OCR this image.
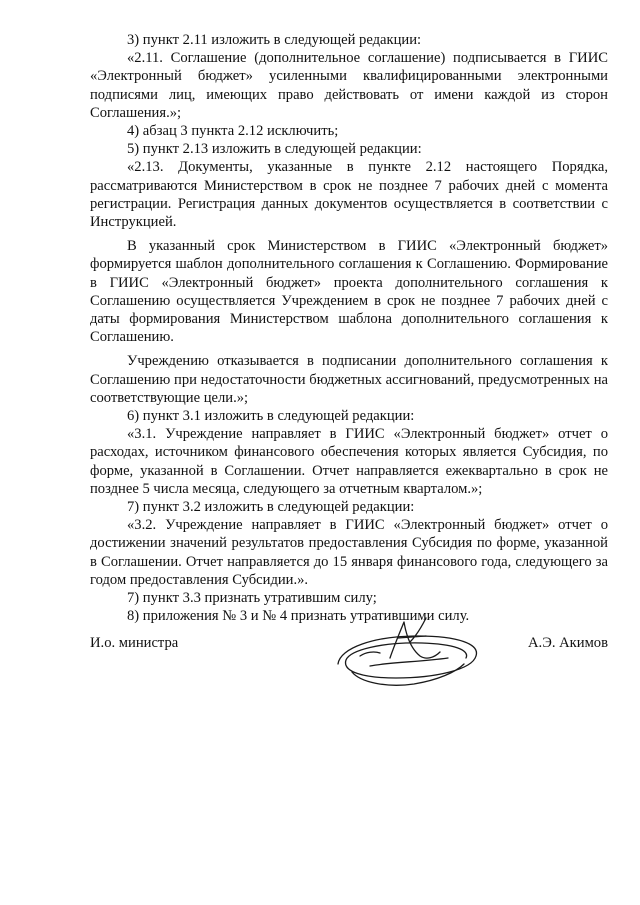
3) пункт 2.11 изложить в следующей редакции:

«2.11. Соглашение (дополнительное соглашение) подписывается в ГИИС «Электронный бюджет» усиленными квалифицированными электронными подписями лиц, имеющих право действовать от имени каждой из сторон Соглашения.»;

4) абзац 3 пункта 2.12 исключить;

5) пункт 2.13 изложить в следующей редакции:

«2.13. Документы, указанные в пункте 2.12 настоящего Порядка, рассматриваются Министерством в срок не позднее 7 рабочих дней с момента регистрации. Регистрация данных документов осуществляется в соответствии с Инструкцией.

В указанный срок Министерством в ГИИС «Электронный бюджет» формируется шаблон дополнительного соглашения к Соглашению. Формирование в ГИИС «Электронный бюджет» проекта дополнительного соглашения к Соглашению осуществляется Учреждением в срок не позднее 7 рабочих дней с даты формирования Министерством шаблона дополнительного соглашения к Соглашению.

Учреждению отказывается в подписании дополнительного соглашения к Соглашению при недостаточности бюджетных ассигнований, предусмотренных на соответствующие цели.»;

6) пункт 3.1 изложить в следующей редакции:

«3.1. Учреждение направляет в ГИИС «Электронный бюджет» отчет о расходах, источником финансового обеспечения которых является Субсидия, по форме, указанной в Соглашении. Отчет направляется ежеквартально в срок не позднее 5 числа месяца, следующего за отчетным кварталом.»;

7) пункт 3.2 изложить в следующей редакции:

«3.2. Учреждение направляет в ГИИС «Электронный бюджет» отчет о достижении значений результатов предоставления Субсидия по форме, указанной в Соглашении. Отчет направляется до 15 января финансового года, следующего за годом предоставления Субсидии.».

7) пункт 3.3 признать утратившим силу;

8) приложения № 3 и № 4 признать утратившими силу.

И.о. министра	А.Э. Акимов
